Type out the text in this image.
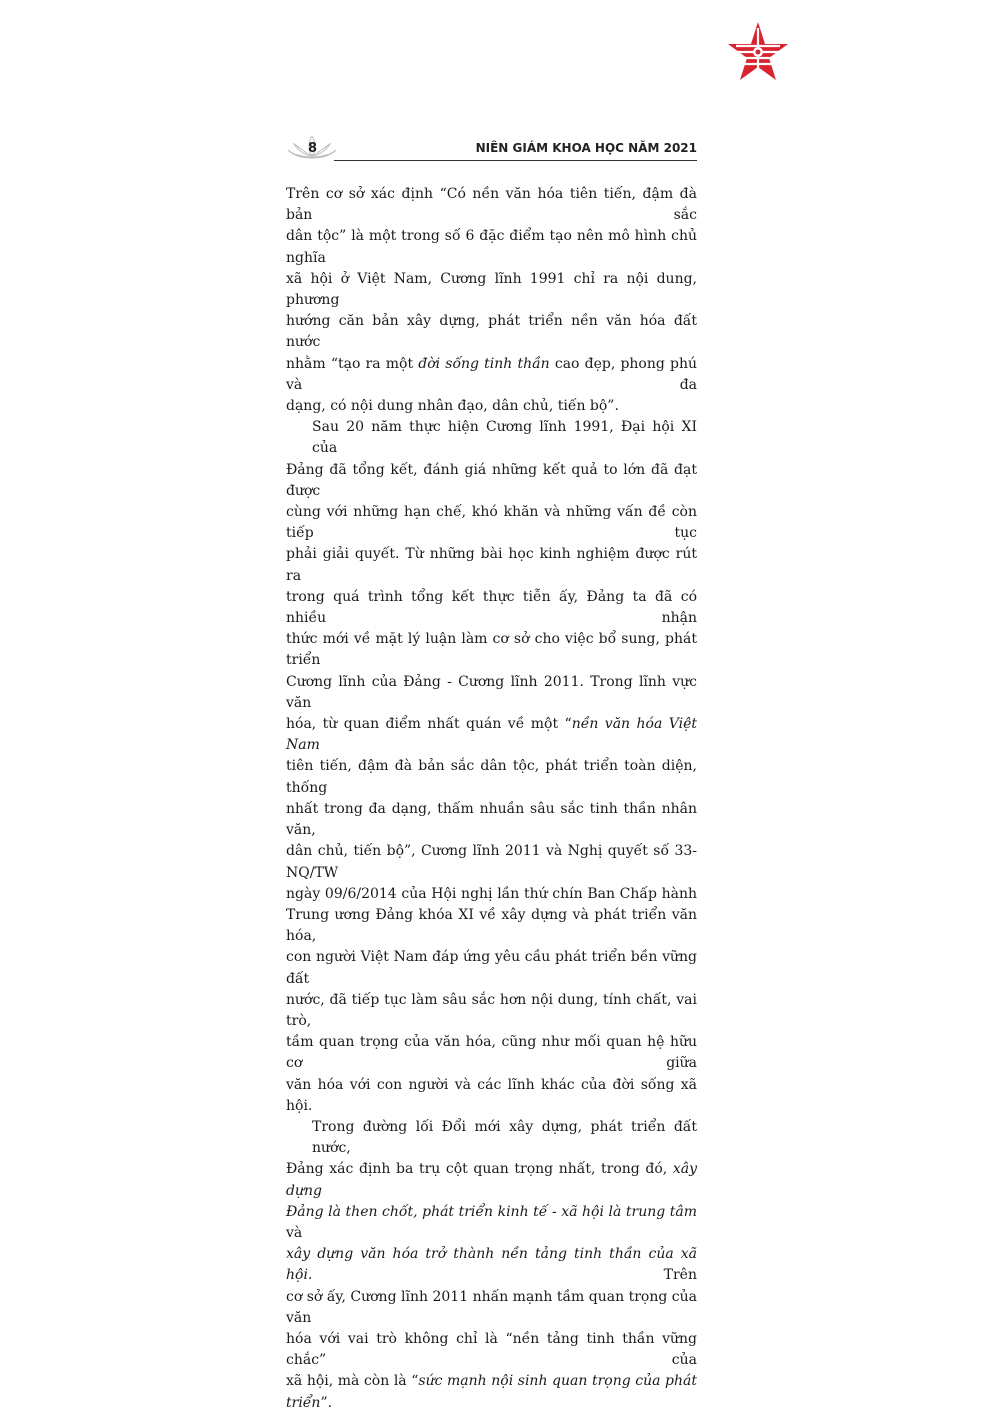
8	NIÊN GIÁM KHOA HỌC NĂM 2021

Trên cơ sở xác định “Có nền văn hóa tiên tiến, đậm đà bản sắc
dân tộc” là một trong số 6 đặc điểm tạo nên mô hình chủ nghĩa
xã hội ở Việt Nam, Cương lĩnh 1991 chỉ ra nội dung, phương
hướng căn bản xây dựng, phát triển nền văn hóa đất nước
nhằm “tạo ra một đời sống tinh thần cao đẹp, phong phú và đa
dạng, có nội dung nhân đạo, dân chủ, tiến bộ”.

Sau 20 năm thực hiện Cương lĩnh 1991, Đại hội XI của
Đảng đã tổng kết, đánh giá những kết quả to lớn đã đạt được
cùng với những hạn chế, khó khăn và những vấn đề còn tiếp tục
phải giải quyết. Từ những bài học kinh nghiệm được rút ra
trong quá trình tổng kết thực tiễn ấy, Đảng ta đã có nhiều nhận
thức mới về mặt lý luận làm cơ sở cho việc bổ sung, phát triển
Cương lĩnh của Đảng - Cương lĩnh 2011. Trong lĩnh vực văn
hóa, từ quan điểm nhất quán về một “nền văn hóa Việt Nam
tiên tiến, đậm đà bản sắc dân tộc, phát triển toàn diện, thống
nhất trong đa dạng, thấm nhuần sâu sắc tinh thần nhân văn,
dân chủ, tiến bộ”, Cương lĩnh 2011 và Nghị quyết số 33-NQ/TW
ngày 09/6/2014 của Hội nghị lần thứ chín Ban Chấp hành
Trung ương Đảng khóa XI về xây dựng và phát triển văn hóa,
con người Việt Nam đáp ứng yêu cầu phát triển bền vững đất
nước, đã tiếp tục làm sâu sắc hơn nội dung, tính chất, vai trò,
tầm quan trọng của văn hóa, cũng như mối quan hệ hữu cơ giữa
văn hóa với con người và các lĩnh khác của đời sống xã hội.

Trong đường lối Đổi mới xây dựng, phát triển đất nước,
Đảng xác định ba trụ cột quan trọng nhất, trong đó, xây dựng
Đảng là then chốt, phát triển kinh tế - xã hội là trung tâm và
xây dựng văn hóa trở thành nền tảng tinh thần của xã hội. Trên
cơ sở ấy, Cương lĩnh 2011 nhấn mạnh tầm quan trọng của văn
hóa với vai trò không chỉ là “nền tảng tinh thần vững chắc” của
xã hội, mà còn là “sức mạnh nội sinh quan trọng của phát triển”.
